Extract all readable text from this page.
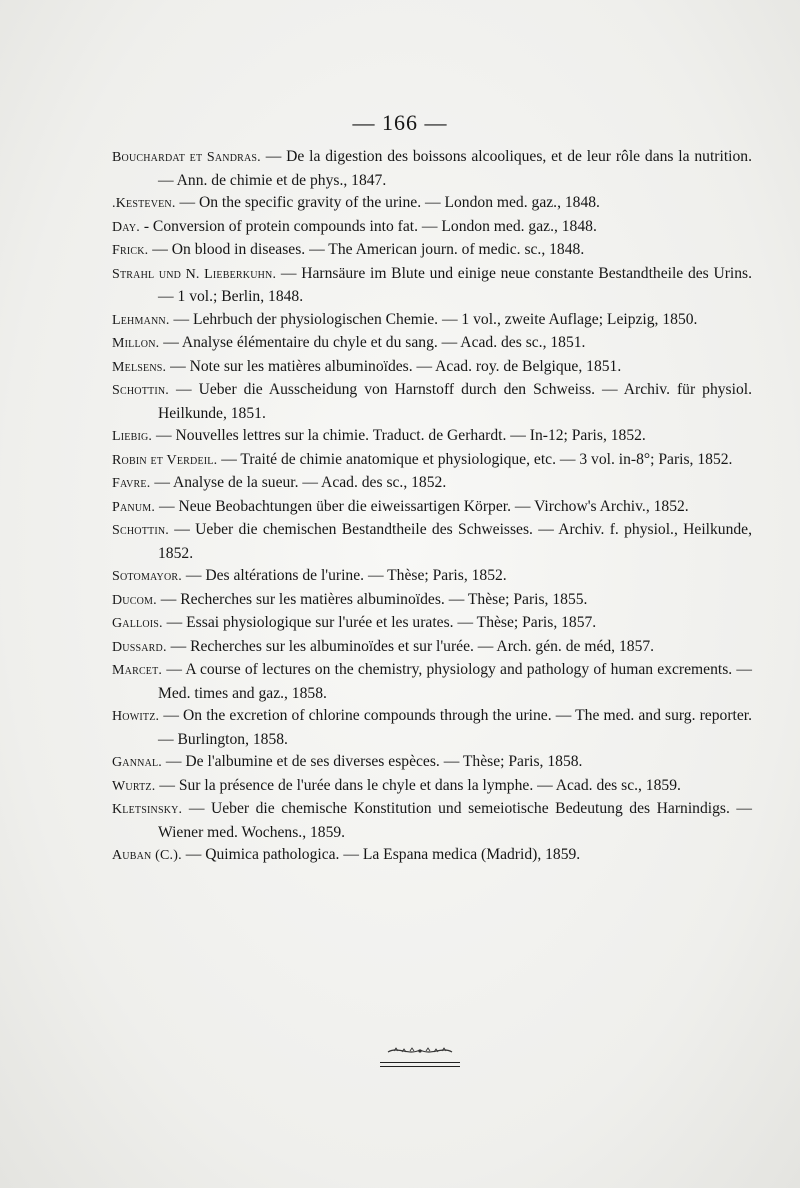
— 166 —

Bouchardat et Sandras. — De la digestion des boissons alcooliques, et de leur rôle dans la nutrition. — Ann. de chimie et de phys., 1847.

.Kesteven. — On the specific gravity of the urine. — London med. gaz., 1848.

Day. - Conversion of protein compounds into fat. — London med. gaz., 1848.

Frick. — On blood in diseases. — The American journ. of medic. sc., 1848.

Strahl und N. Lieberkuhn. — Harnsäure im Blute und einige neue constante Bestandtheile des Urins. — 1 vol.; Berlin, 1848.

Lehmann. — Lehrbuch der physiologischen Chemie. — 1 vol., zweite Auflage; Leipzig, 1850.

Millon. — Analyse élémentaire du chyle et du sang. — Acad. des sc., 1851.

Melsens. — Note sur les matières albuminoïdes. — Acad. roy. de Belgique, 1851.

Schottin. — Ueber die Ausscheidung von Harnstoff durch den Schweiss. — Archiv. für physiol. Heilkunde, 1851.

Liebig. — Nouvelles lettres sur la chimie. Traduct. de Gerhardt. — In-12; Paris, 1852.

Robin et Verdeil. — Traité de chimie anatomique et physiologique, etc. — 3 vol. in-8°; Paris, 1852.

Favre. — Analyse de la sueur. — Acad. des sc., 1852.

Panum. — Neue Beobachtungen über die eiweissartigen Körper. — Virchow's Archiv., 1852.

Schottin. — Ueber die chemischen Bestandtheile des Schweisses. — Archiv. f. physiol., Heilkunde, 1852.

Sotomayor. — Des altérations de l'urine. — Thèse; Paris, 1852.

Ducom. — Recherches sur les matières albuminoïdes. — Thèse; Paris, 1855.

Gallois. — Essai physiologique sur l'urée et les urates. — Thèse; Paris, 1857.

Dussard. — Recherches sur les albuminoïdes et sur l'urée. — Arch. gén. de méd, 1857.

Marcet. — A course of lectures on the chemistry, physiology and pathology of human excrements. — Med. times and gaz., 1858.

Howitz. — On the excretion of chlorine compounds through the urine. — The med. and surg. reporter. — Burlington, 1858.

Gannal. — De l'albumine et de ses diverses espèces. — Thèse; Paris, 1858.

Wurtz. — Sur la présence de l'urée dans le chyle et dans la lymphe. — Acad. des sc., 1859.

Kletsinsky. — Ueber die chemische Konstitution und semeiotische Bedeutung des Harnindigs. — Wiener med. Wochens., 1859.

Auban (C.). — Quimica pathologica. — La Espana medica (Madrid), 1859.
